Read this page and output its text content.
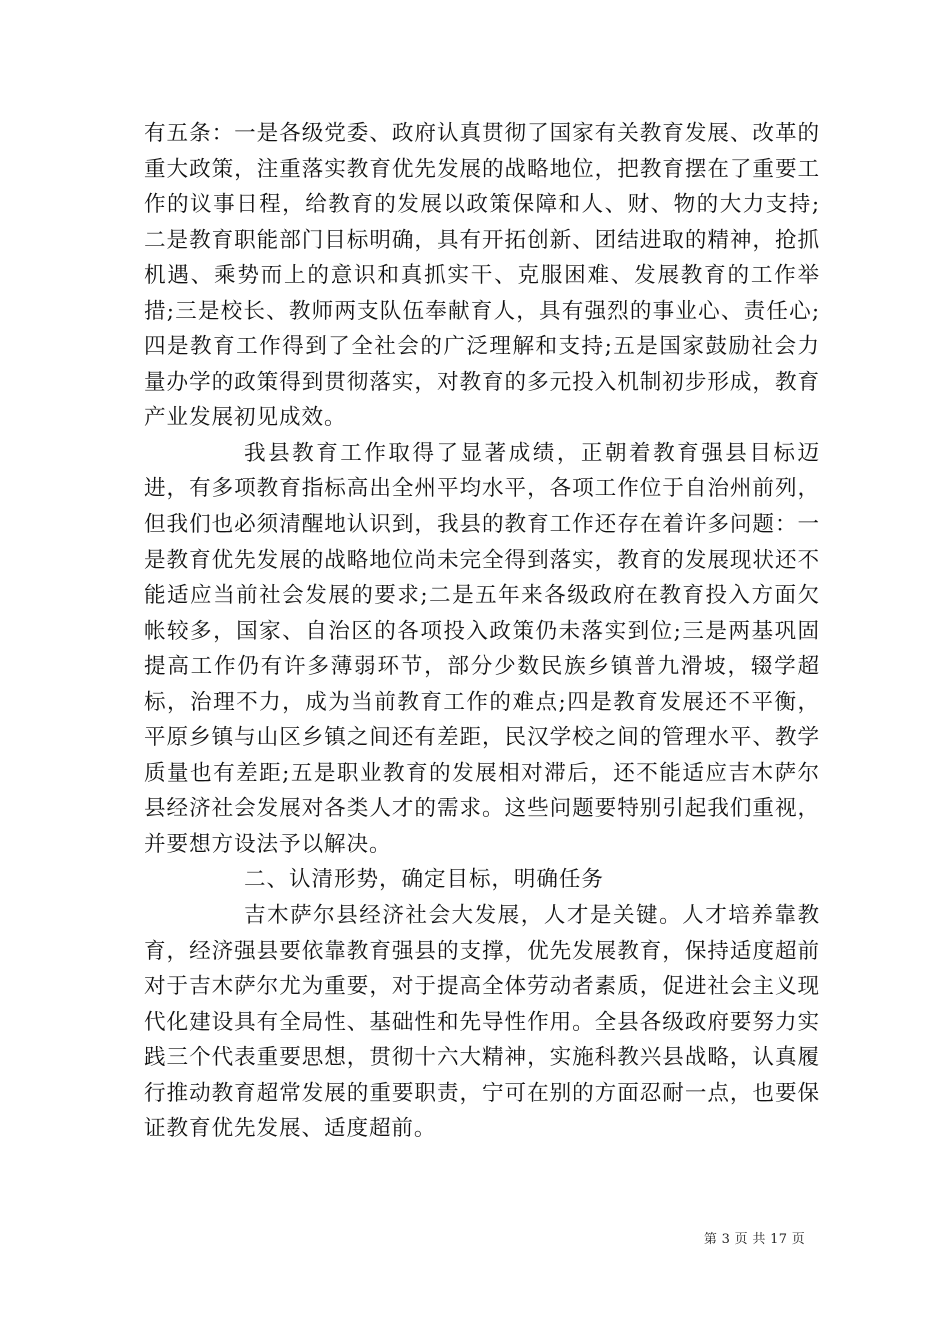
有五条：一是各级党委、政府认真贯彻了国家有关教育发展、改革的重大政策，注重落实教育优先发展的战略地位，把教育摆在了重要工作的议事日程，给教育的发展以政策保障和人、财、物的大力支持;二是教育职能部门目标明确，具有开拓创新、团结进取的精神，抢抓机遇、乘势而上的意识和真抓实干、克服困难、发展教育的工作举措;三是校长、教师两支队伍奉献育人，具有强烈的事业心、责任心;四是教育工作得到了全社会的广泛理解和支持;五是国家鼓励社会力量办学的政策得到贯彻落实，对教育的多元投入机制初步形成，教育产业发展初见成效。

我县教育工作取得了显著成绩，正朝着教育强县目标迈进，有多项教育指标高出全州平均水平，各项工作位于自治州前列，但我们也必须清醒地认识到，我县的教育工作还存在着许多问题：一是教育优先发展的战略地位尚未完全得到落实，教育的发展现状还不能适应当前社会发展的要求;二是五年来各级政府在教育投入方面欠帐较多，国家、自治区的各项投入政策仍未落实到位;三是两基巩固提高工作仍有许多薄弱环节，部分少数民族乡镇普九滑坡，辍学超标，治理不力，成为当前教育工作的难点;四是教育发展还不平衡，平原乡镇与山区乡镇之间还有差距，民汉学校之间的管理水平、教学质量也有差距;五是职业教育的发展相对滞后，还不能适应吉木萨尔县经济社会发展对各类人才的需求。这些问题要特别引起我们重视，并要想方设法予以解决。

二、认清形势，确定目标，明确任务

吉木萨尔县经济社会大发展，人才是关键。人才培养靠教育，经济强县要依靠教育强县的支撑，优先发展教育，保持适度超前对于吉木萨尔尤为重要，对于提高全体劳动者素质，促进社会主义现代化建设具有全局性、基础性和先导性作用。全县各级政府要努力实践三个代表重要思想，贯彻十六大精神，实施科教兴县战略，认真履行推动教育超常发展的重要职责，宁可在别的方面忍耐一点，也要保证教育优先发展、适度超前。

第 3 页 共 17 页
